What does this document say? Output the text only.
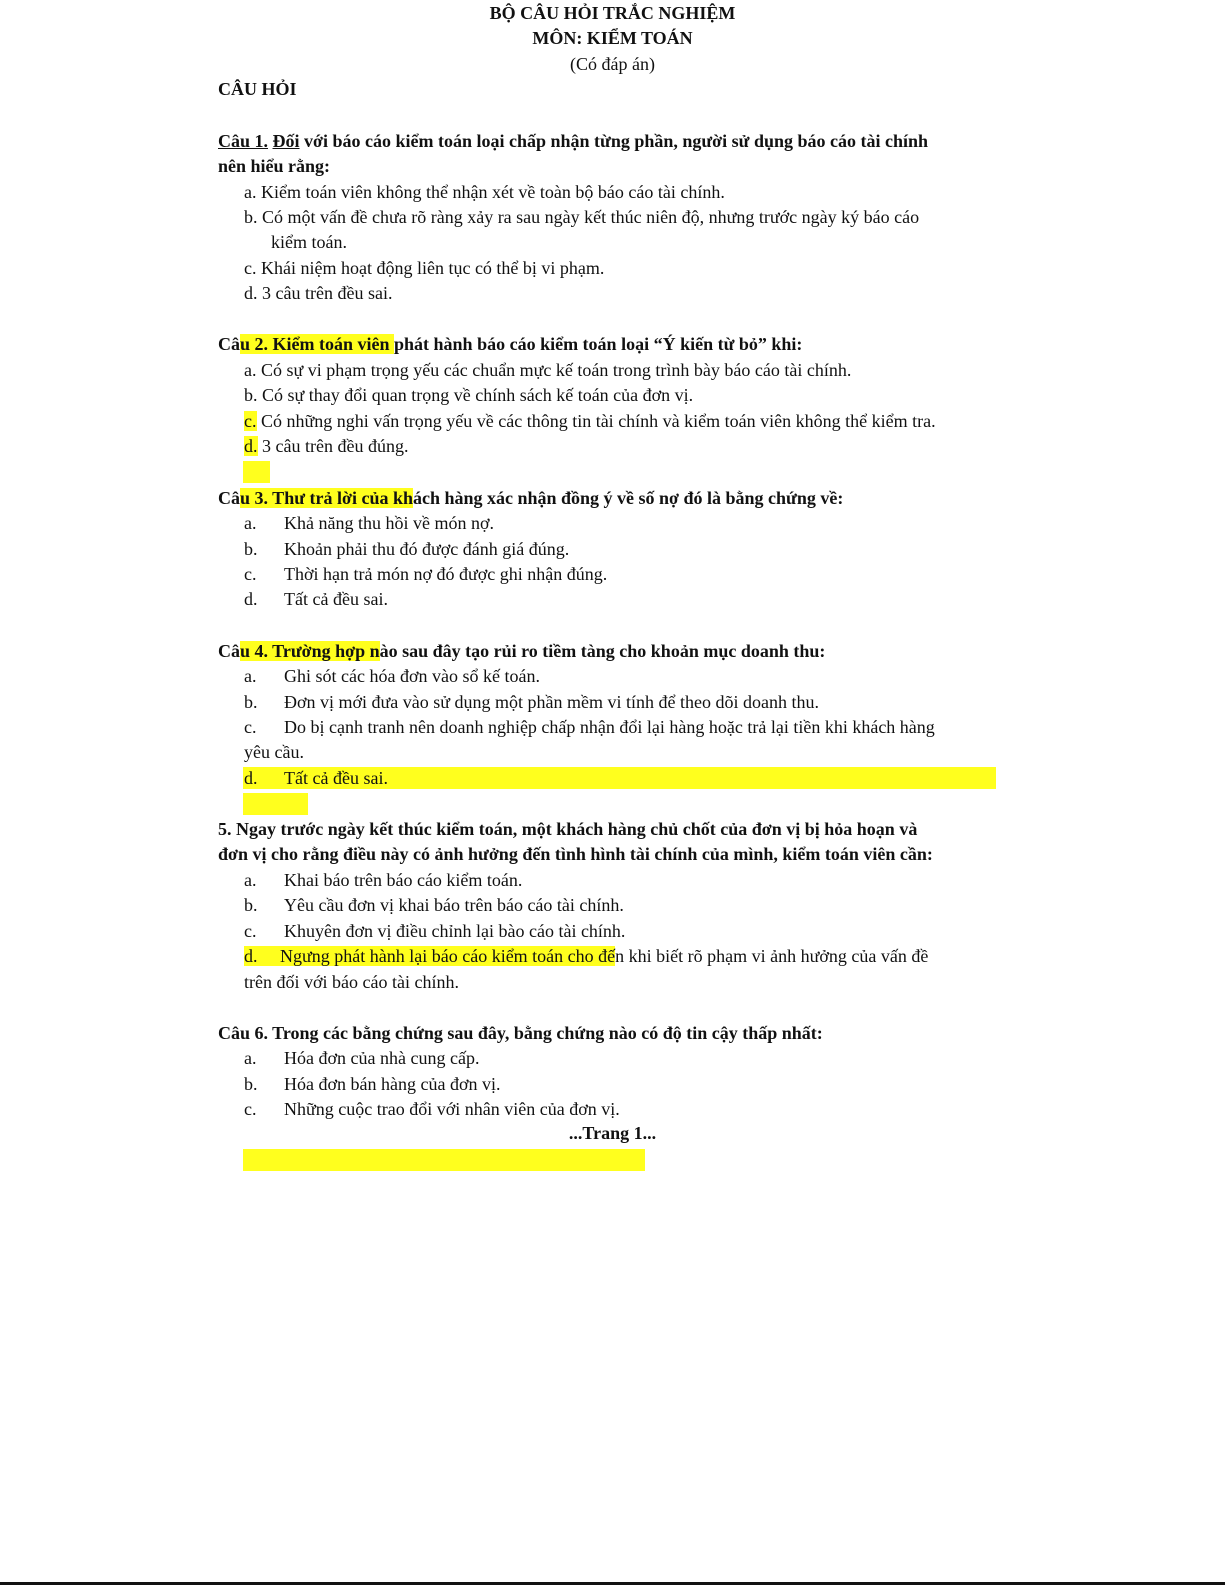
BỘ CÂU HỎI TRẮC NGHIỆM
MÔN: KIỂM TOÁN
(Có đáp án)
CÂU HỎI
Câu 1. Đối với báo cáo kiểm toán loại chấp nhận từng phần, người sử dụng báo cáo tài chính
nên hiểu rằng:
a. Kiểm toán viên không thể nhận xét về toàn bộ báo cáo tài chính.
b. Có một vấn đề chưa rõ ràng xảy ra sau ngày kết thúc niên độ, nhưng trước ngày ký báo cáo
kiểm toán.
c. Khái niệm hoạt động liên tục có thể bị vi phạm.
d. 3 câu trên đều sai.
Câu 2. Kiểm toán viên phát hành báo cáo kiểm toán loại “Ý kiến từ bỏ” khi:
a. Có sự vi phạm trọng yếu các chuẩn mực kế toán trong trình bày báo cáo tài chính.
b. Có sự thay đổi quan trọng về chính sách kế toán của đơn vị.
c. Có những nghi vấn trọng yếu về các thông tin tài chính và kiểm toán viên không thể kiểm tra.
d. 3 câu trên đều đúng.
Câu 3. Thư trả lời của khách hàng xác nhận đồng ý về số nợ đó là bằng chứng về:
a. Khả năng thu hồi về món nợ.
b. Khoản phải thu đó được đánh giá đúng.
c. Thời hạn trả món nợ đó được ghi nhận đúng.
d. Tất cả đều sai.
Câu 4. Trường hợp nào sau đây tạo rủi ro tiềm tàng cho khoản mục doanh thu:
a. Ghi sót các hóa đơn vào sổ kế toán.
b. Đơn vị mới đưa vào sử dụng một phần mềm vi tính để theo dõi doanh thu.
c. Do bị cạnh tranh nên doanh nghiệp chấp nhận đổi lại hàng hoặc trả lại tiền khi khách hàng
yêu cầu.
d. Tất cả đều sai.
5. Ngay trước ngày kết thúc kiểm toán, một khách hàng chủ chốt của đơn vị bị hỏa hoạn và
đơn vị cho rằng điều này có ảnh hưởng đến tình hình tài chính của mình, kiểm toán viên cần:
a. Khai báo trên báo cáo kiểm toán.
b. Yêu cầu đơn vị khai báo trên báo cáo tài chính.
c. Khuyên đơn vị điều chỉnh lại bào cáo tài chính.
d.     Ngưng phát hành lại báo cáo kiểm toán cho đến khi biết rõ phạm vi ảnh hưởng của vấn đề
trên đối với báo cáo tài chính.
Câu 6. Trong các bằng chứng sau đây, bằng chứng nào có độ tin cậy thấp nhất:
a. Hóa đơn của nhà cung cấp.
b. Hóa đơn bán hàng của đơn vị.
c. Những cuộc trao đổi với nhân viên của đơn vị.
...Trang 1...
